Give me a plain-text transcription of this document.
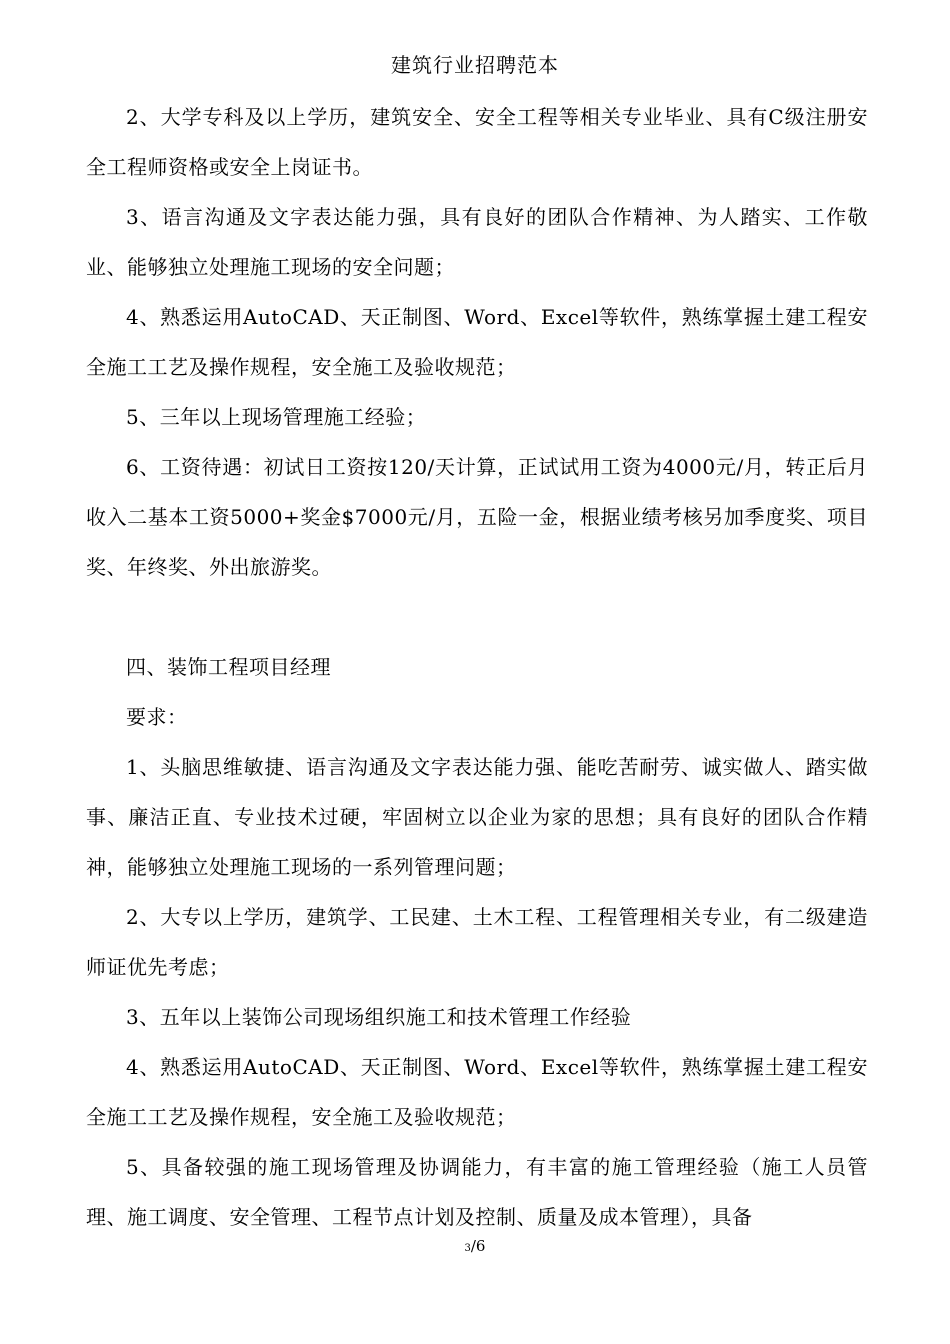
建筑行业招聘范本

2、大学专科及以上学历，建筑安全、安全工程等相关专业毕业、具有C级注册安全工程师资格或安全上岗证书。

3、语言沟通及文字表达能力强，具有良好的团队合作精神、为人踏实、工作敬业、能够独立处理施工现场的安全问题；

4、熟悉运用AutoCAD、天正制图、Word、Excel等软件，熟练掌握土建工程安全施工工艺及操作规程，安全施工及验收规范；

5、三年以上现场管理施工经验；

6、工资待遇：初试日工资按120/天计算，正试试用工资为4000元/月，转正后月收入二基本工资5000+奖金$7000元/月，五险一金，根据业绩考核另加季度奖、项目奖、年终奖、外出旅游奖。

四、装饰工程项目经理

要求：

1、头脑思维敏捷、语言沟通及文字表达能力强、能吃苦耐劳、诚实做人、踏实做事、廉洁正直、专业技术过硬，牢固树立以企业为家的思想；具有良好的团队合作精神，能够独立处理施工现场的一系列管理问题；

2、大专以上学历，建筑学、工民建、土木工程、工程管理相关专业，有二级建造师证优先考虑；

3、五年以上装饰公司现场组织施工和技术管理工作经验

4、熟悉运用AutoCAD、天正制图、Word、Excel等软件，熟练掌握土建工程安全施工工艺及操作规程，安全施工及验收规范；

5、具备较强的施工现场管理及协调能力，有丰富的施工管理经验（施工人员管理、施工调度、安全管理、工程节点计划及控制、质量及成本管理），具备

3/6
